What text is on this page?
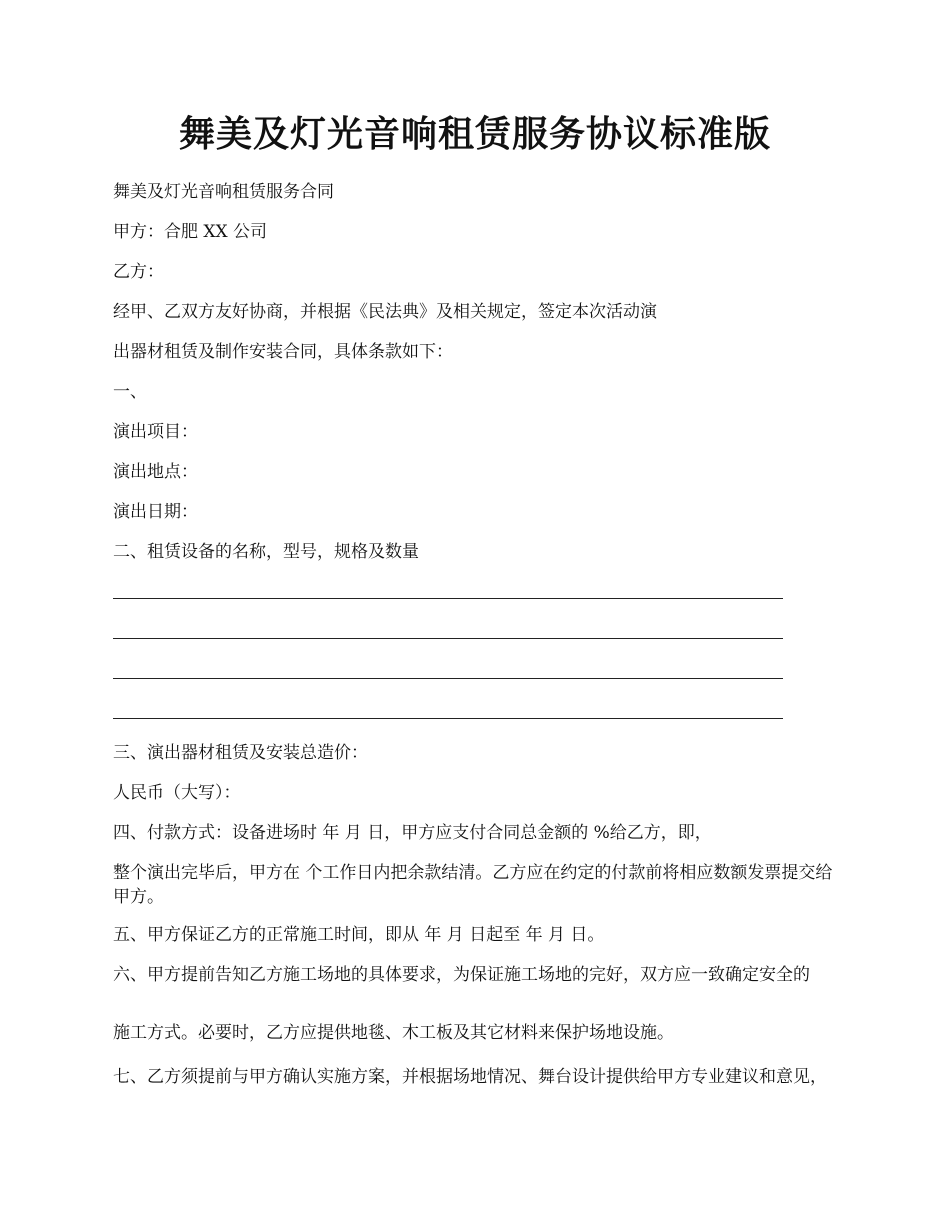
舞美及灯光音响租赁服务协议标准版
舞美及灯光音响租赁服务合同
甲方：合肥 XX 公司
乙方：
经甲、乙双方友好协商，并根据《民法典》及相关规定，签定本次活动演
出器材租赁及制作安装合同，具体条款如下：
一、
演出项目：
演出地点：
演出日期：
二、租赁设备的名称，型号，规格及数量
三、演出器材租赁及安装总造价：
人民币（大写）：
四、付款方式：设备进场时 年 月 日，甲方应支付合同总金额的 %给乙方，即，
整个演出完毕后，甲方在 个工作日内把余款结清。乙方应在约定的付款前将相应数额发票提交给甲方。
五、甲方保证乙方的正常施工时间，即从 年 月 日起至 年 月 日。
六、甲方提前告知乙方施工场地的具体要求，为保证施工场地的完好，双方应一致确定安全的
施工方式。必要时，乙方应提供地毯、木工板及其它材料来保护场地设施。
七、乙方须提前与甲方确认实施方案，并根据场地情况、舞台设计提供给甲方专业建议和意见，
